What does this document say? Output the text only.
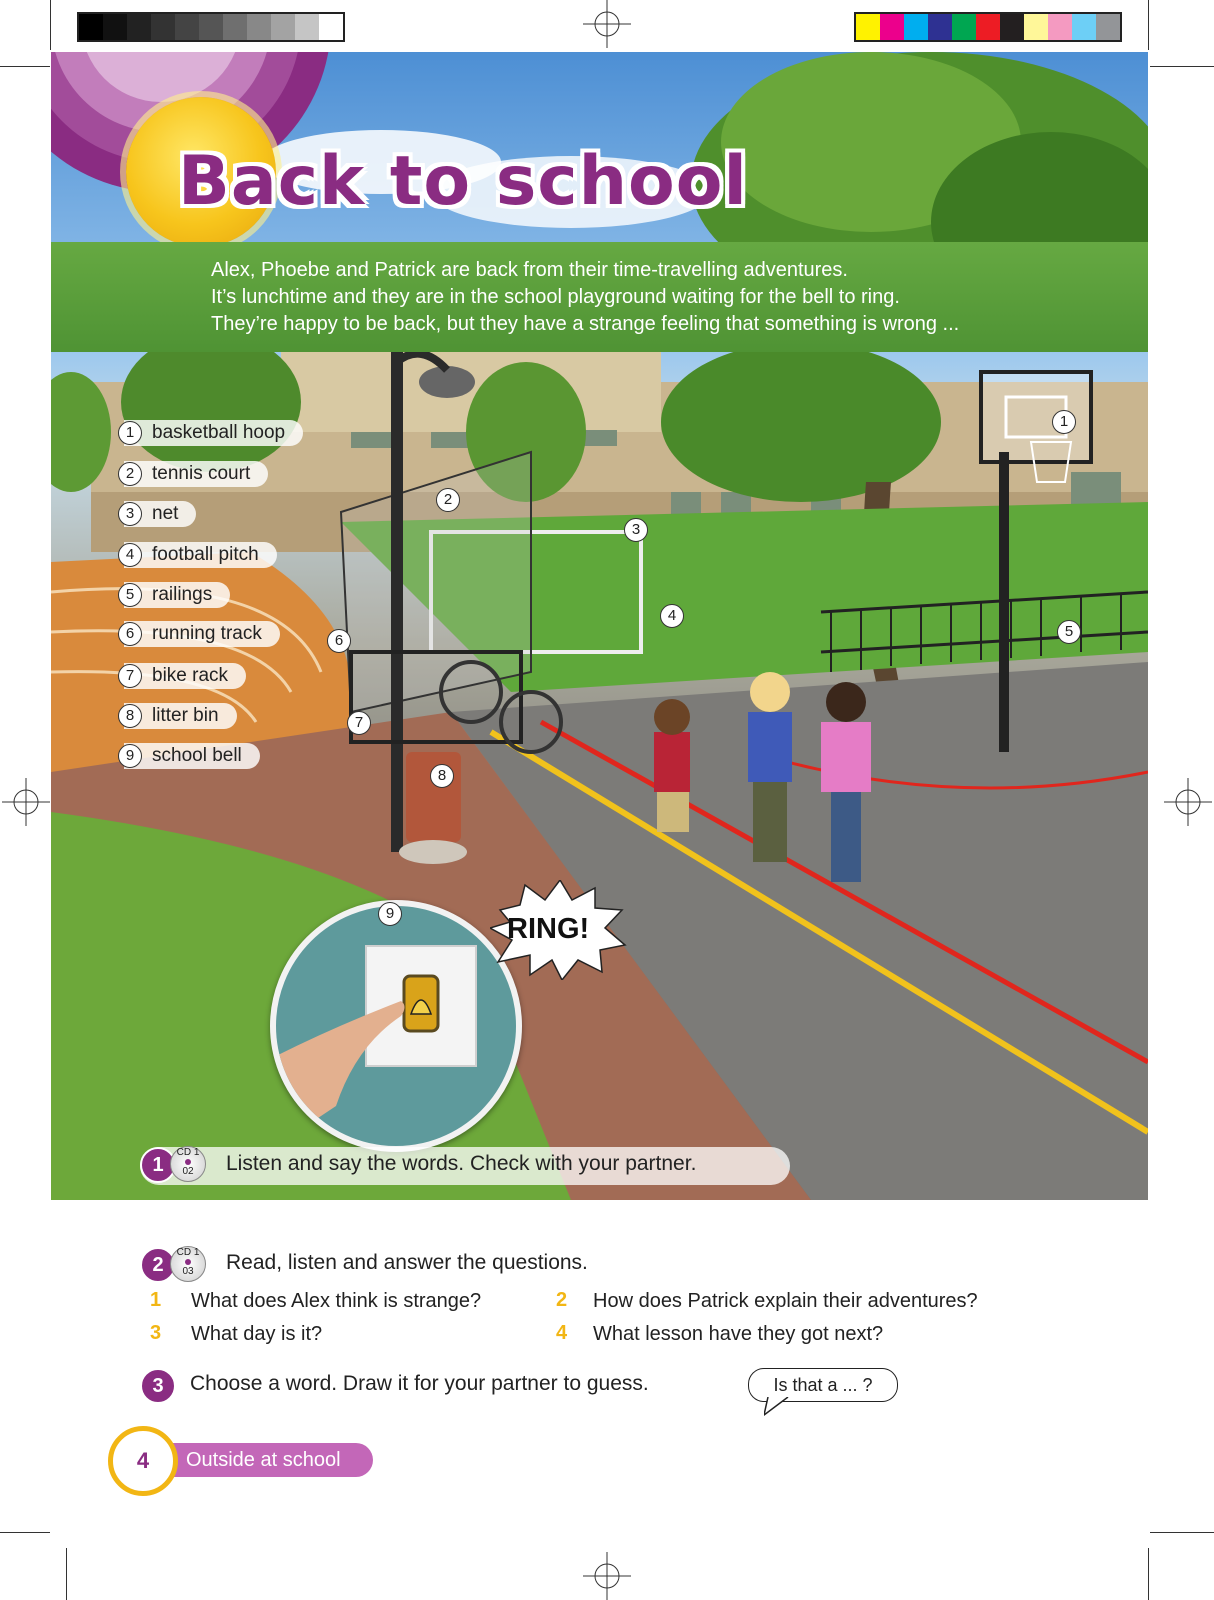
Back to school
Alex, Phoebe and Patrick are back from their time-travelling adventures.
It’s lunchtime and they are in the school playground waiting for the bell to ring.
They’re happy to be back, but they have a strange feeling that something is wrong ...
1 basketball hoop
2 tennis court
3 net
4 football pitch
5 railings
6 running track
7 bike rack
8 litter bin
9 school bell
1
2
3
4
5
6
7
8
9	RING!
1
CD 1
02	Listen and say the words. Check with your partner.
2
CD 1
03	Read, listen and answer the questions.
1 What does Alex think is strange?	2 How does Patrick explain their adventures?
3 What day is it?	4 What lesson have they got next?
3	Choose a word. Draw it for your partner to guess.	Is that a ... ?
Outside at school
4
